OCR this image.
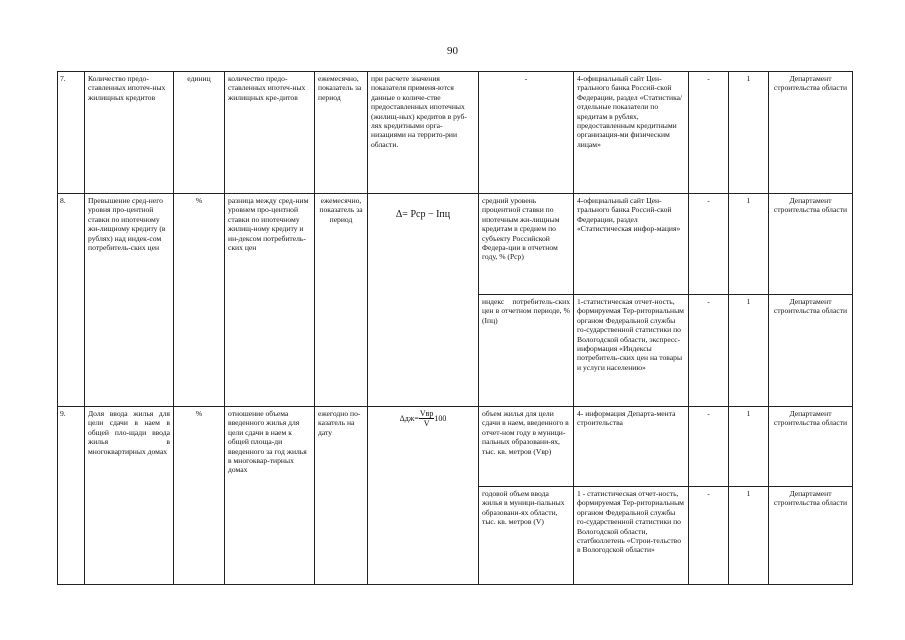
90
7.	Количество предо-ставленных ипотеч-ных жилищных кредитов	единиц	количество предо-ставленных ипотеч-ных жилищных кре-дитов	ежемесячно, показатель за период	при расчете значения показателя применя-ются данные о количе-стве предоставленных ипотечных (жилищ-ных) кредитов в руб-лях кредитными орга-низациями на террито-рии области.	-	4-официальный сайт Цен-трального банка Россий-ской Федерации, раздел «Статистика/отдельные показатели по кредитам в рублях, предоставленным кредитными организация-ми физическим лицам»	-	1	Департамент строительства области
8.	Превышение сред-него уровня про-центной ставки по ипотечному жи-лищному кредиту (в рублях) над индек-сом потребитель-ских цен	%	разница между сред-ним уровнем про-центной ставки по ипотечному жилищ-ному кредиту и ин-дексом потребитель-ских цен	ежемесячно, показатель за период	Δ= Pcp − Iпц	средний уровень процентной ставки по ипотечным жи-лищным кредитам в среднем по субъекту Российской Федера-ции в отчетном году, % (Рср)	4-официальный сайт Цен-трального банка Россий-ской Федерации, раздел «Статистическая инфор-мация»	-	1	Департамент строительства области
						индекс потребитель-ских цен в отчетном периоде, % (Iпц)	1-статистическая отчет-ность, формируемая Тер-риториальным органом Федеральной службы го-сударственной статистики по Вологодской области, экспресс-информация «Индексы потребитель-ских цен на товары и услуги населению»	-	1	Департамент строительства области
9.	Доля ввода жилья для цели сдачи в наем в общей пло-щади ввода жилья в многоквартирных домах	%	отношение объема введенного жилья для цели сдачи в наем к общей площа-ди введенного за год жилья в многоквар-тирных домах	ежегодно по-казатель на дату	$\Delta дж= \frac{\text{Vвр}}{V} 100$	объем жилья для цели сдачи в наем, введенного в отчет-ном году в муници-пальных образовани-ях, тыс. кв. метров (Vвр)	4- информация Департа-мента строительства	-	1	Департамент строительства области
						годовой объем ввода жилья в муници-пальных образовани-ях области, тыс. кв. метров (V)	1 - статистическая отчет-ность, формируемая Тер-риториальным органом Федеральной службы го-сударственной статистики по Вологодской области, статбюллетень «Строи-тельство в Вологодской области»	-	1	Департамент строительства области
